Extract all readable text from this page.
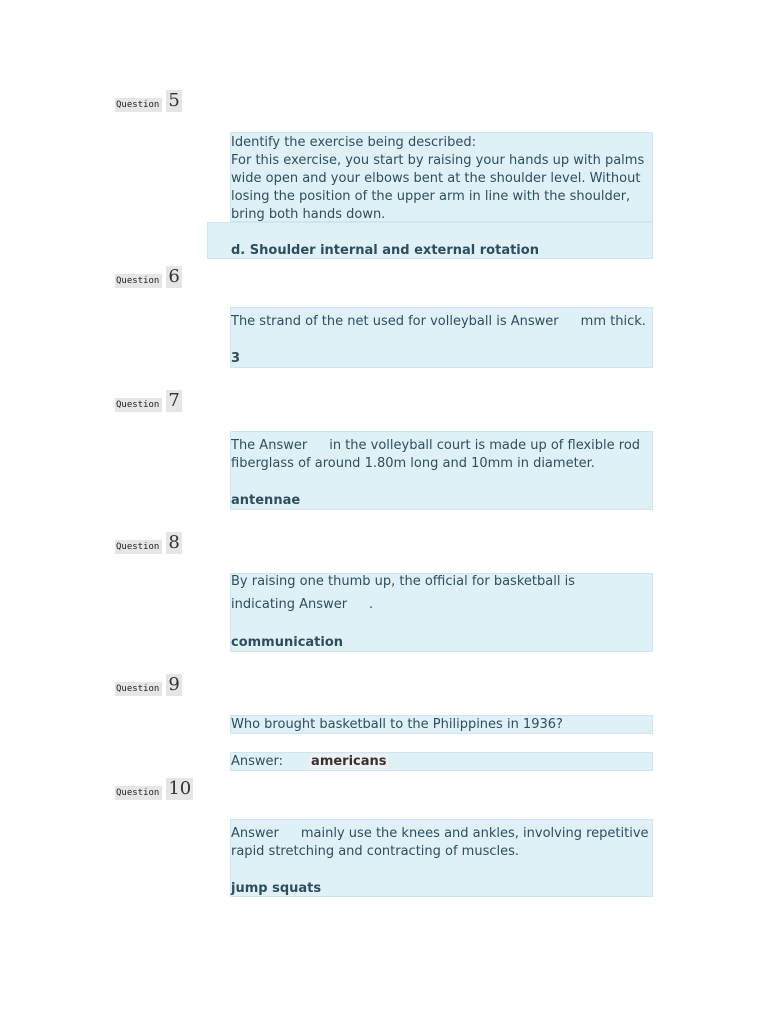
Question 5
Identify the exercise being described:
For this exercise, you start by raising your hands up with palms
wide open and your elbows bent at the shoulder level. Without
losing the position of the upper arm in line with the shoulder,
bring both hands down.
d. Shoulder internal and external rotation
Question 6
The strand of the net used for volleyball is Answer mm thick.
3
Question 7
The Answer in the volleyball court is made up of flexible rod
fiberglass of around 1.80m long and 10mm in diameter.
antennae
Question 8
By raising one thumb up, the official for basketball is
indicating Answer .
communication
Question 9
Who brought basketball to the Philippines in 1936?
Answer: americans
Question 10
Answer mainly use the knees and ankles, involving repetitive
rapid stretching and contracting of muscles.
jump squats
